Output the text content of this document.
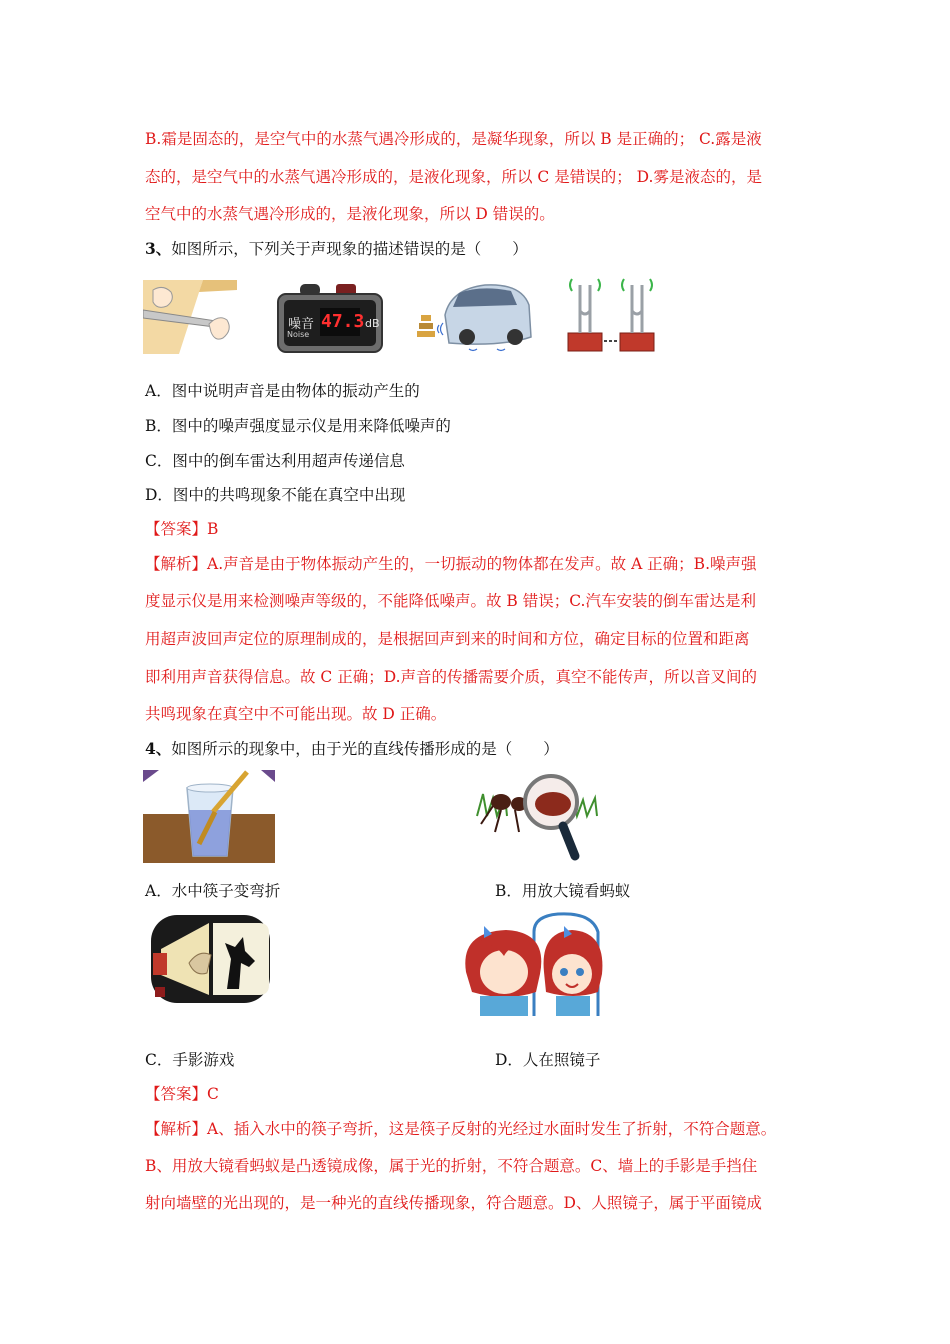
B.霜是固态的，是空气中的水蒸气遇冷形成的，是凝华现象，所以 B 是正确的； C.露是液
态的，是空气中的水蒸气遇冷形成的，是液化现象，所以 C 是错误的； D.雾是液态的，是
空气中的水蒸气遇冷形成的，是液化现象，所以 D 错误的。
3、如图所示，下列关于声现象的描述错误的是（　　）
噪音
Noise
47.3 dB
A．图中说明声音是由物体的振动产生的
B．图中的噪声强度显示仪是用来降低噪声的
C．图中的倒车雷达利用超声传递信息
D．图中的共鸣现象不能在真空中出现
【答案】B
【解析】A.声音是由于物体振动产生的，一切振动的物体都在发声。故 A 正确；B.噪声强
度显示仪是用来检测噪声等级的，不能降低噪声。故 B 错误；C.汽车安装的倒车雷达是利
用超声波回声定位的原理制成的，是根据回声到来的时间和方位，确定目标的位置和距离
即利用声音获得信息。故 C 正确；D.声音的传播需要介质，真空不能传声，所以音叉间的
共鸣现象在真空中不可能出现。故 D 正确。
4、如图所示的现象中，由于光的直线传播形成的是（　　）
A．水中筷子变弯折	B．用放大镜看蚂蚁
C．手影游戏	D．人在照镜子
【答案】C
【解析】A、插入水中的筷子弯折，这是筷子反射的光经过水面时发生了折射，不符合题意。
B、用放大镜看蚂蚁是凸透镜成像，属于光的折射，不符合题意。C、墙上的手影是手挡住
射向墙壁的光出现的，是一种光的直线传播现象，符合题意。D、人照镜子，属于平面镜成
